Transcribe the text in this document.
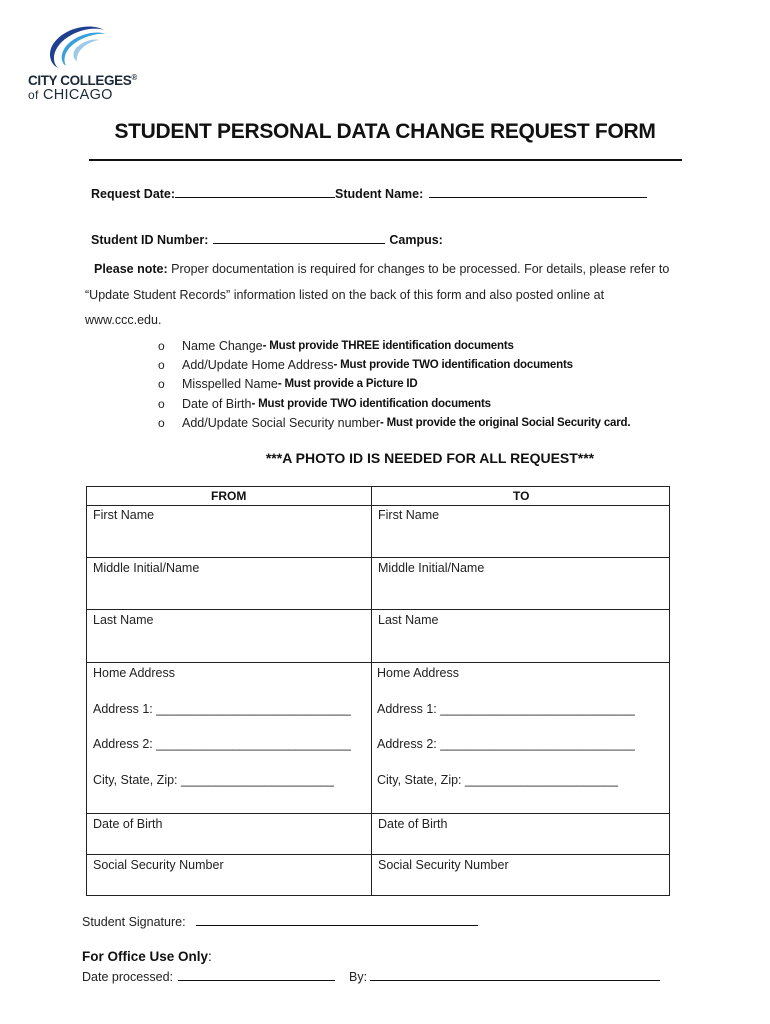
CITY COLLEGES®
of CHICAGO
STUDENT PERSONAL DATA CHANGE REQUEST FORM
Request Date:	Student Name:
Student ID Number:	Campus:
Please note: Proper documentation is required for changes to be processed. For details, please refer to
“Update Student Records” information listed on the back of this form and also posted online at
www.ccc.edu.
o	Name Change - Must provide THREE identification documents
o	Add/Update Home Address - Must provide TWO identification documents
o	Misspelled Name - Must provide a Picture ID
o	Date of Birth - Must provide TWO identification documents
o	Add/Update Social Security number - Must provide the original Social Security card.
***A PHOTO ID IS NEEDED FOR ALL REQUEST***
FROM	TO
First Name	First Name
Middle Initial/Name	Middle Initial/Name
Last Name	Last Name
Home Address	Home Address
Address 1: ____________________________ Address 1: ____________________________
Address 2: ____________________________ Address 2: ____________________________
City, State, Zip: ______________________	City, State, Zip: ______________________
Date of Birth	Date of Birth
Social Security Number	Social Security Number
Student Signature:
For Office Use Only:
Date processed:	By:
